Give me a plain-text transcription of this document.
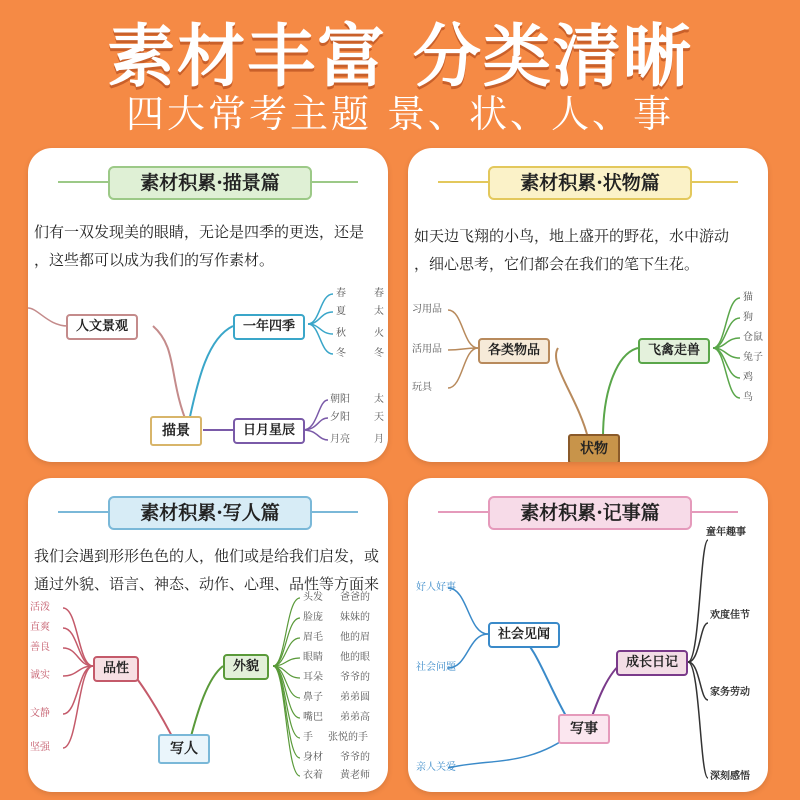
素材丰富 分类清晰
四大常考主题 景、状、人、事
素材积累·描景篇
们有一双发现美的眼睛，无论是四季的更迭，还是
，这些都可以成为我们的写作素材。
人文景观	一年四季
日月星辰
描景
春
夏
秋
冬
春
太
火
冬
朝阳
夕阳
月亮
太
天
月
素材积累·状物篇
如天边飞翔的小鸟，地上盛开的野花，水中游动
，细心思考，它们都会在我们的笔下生花。
习用品
活用品
玩具
各类物品	飞禽走兽
猫
狗
仓鼠
兔子
鸡
鸟
状物
素材积累·写人篇
我们会遇到形形色色的人，他们或是给我们启发，或
通过外貌、语言、神态、动作、心理、品性等方面来
活泼
直爽
善良
诚实
文静
坚强
品性	外貌
头发
脸庞
眉毛
眼睛
耳朵
鼻子
嘴巴
手
身材
衣着
爸爸的
妹妹的
他的眉
他的眼
爷爷的
弟弟圆
弟弟高
张悦的手
爷爷的
黄老师
写人
素材积累·记事篇
好人好事
社会问题
亲人关爱
社会见闻
成长日记
童年趣事
欢度佳节
家务劳动
深刻感悟
写事
